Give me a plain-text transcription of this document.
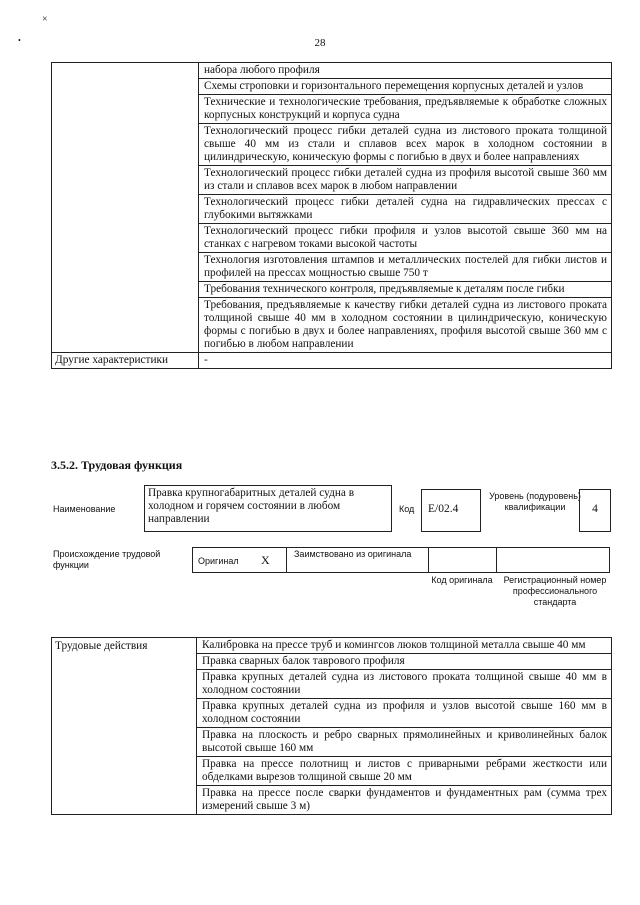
×
•	28
	набора любого профиля
	Схемы строповки и горизонтального перемещения корпусных деталей и узлов
	Технические и технологические требования, предъявляемые к обработке сложных корпусных конструкций и корпуса судна
	Технологический процесс гибки деталей судна из листового проката толщиной свыше 40 мм из стали и сплавов всех марок в холодном состоянии в цилиндрическую, коническую формы с погибью в двух и более направлениях
	Технологический процесс гибки деталей судна из профиля высотой свыше 360 мм из стали и сплавов всех марок в любом направлении
	Технологический процесс гибки деталей судна на гидравлических прессах с глубокими вытяжками
	Технологический процесс гибки профиля и узлов высотой свыше 360 мм на станках с нагревом токами высокой частоты
	Технология изготовления штампов и металлических постелей для гибки листов и профилей на прессах мощностью свыше 750 т
	Требования технического контроля, предъявляемые к деталям после гибки
	Требования, предъявляемые к качеству гибки деталей судна из листового проката толщиной свыше 40 мм в холодном состоянии в цилиндрическую, коническую формы с погибью в двух и более направлениях, профиля высотой свыше 360 мм с погибью в любом направлении
Другие характеристики	-
3.5.2. Трудовая функция
Наименование
Правка крупногабаритных деталей судна в холодном и горячем состоянии в любом направлении
Код E/02.4
Уровень (подуровень) квалификации	4
Происхождение трудовой функции	Оригинал X	Заимствовано из оригинала
Код оригинала	Регистрационный номер профессионального стандарта
Трудовые действия	Калибровка на прессе труб и комингсов люков толщиной металла свыше 40 мм
Правка сварных балок таврового профиля
Правка крупных деталей судна из листового проката толщиной свыше 40 мм в холодном состоянии
Правка крупных деталей судна из профиля и узлов высотой свыше 160 мм в холодном состоянии
Правка на плоскость и ребро сварных прямолинейных и криволинейных балок высотой свыше 160 мм
Правка на прессе полотнищ и листов с приварными ребрами жесткости или обделками вырезов толщиной свыше 20 мм
Правка на прессе после сварки фундаментов и фундаментных рам (сумма трех измерений свыше 3 м)
